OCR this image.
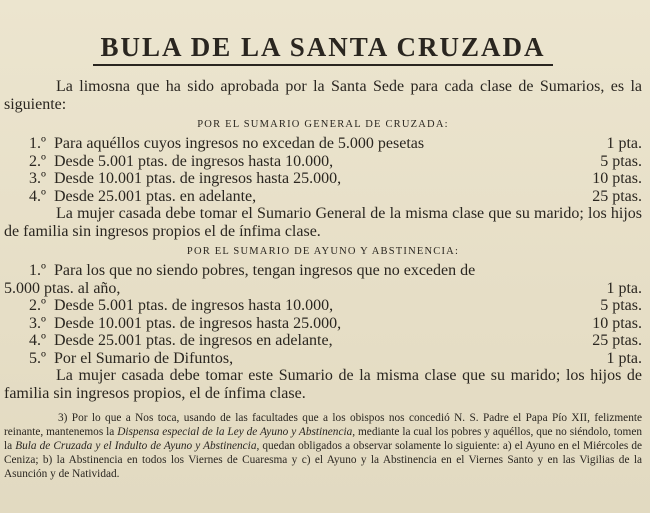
BULA DE LA SANTA CRUZADA

La limosna que ha sido aprobada por la Santa Sede para cada clase de Sumarios, es la siguiente:

POR EL SUMARIO GENERAL DE CRUZADA:
1.º Para aquéllos cuyos ingresos no excedan de 5.000 pesetas	1 pta.
2.º Desde 5.001 ptas. de ingresos hasta 10.000,	5 ptas.
3.º Desde 10.001 ptas. de ingresos hasta 25.000,	10 ptas.
4.º Desde 25.001 ptas. en adelante,	25 ptas.

La mujer casada debe tomar el Sumario General de la misma clase que su marido; los hijos de familia sin ingresos propios el de ínfima clase.

POR EL SUMARIO DE AYUNO Y ABSTINENCIA:
1.º Para los que no siendo pobres, tengan ingresos que no exceden de
5.000 ptas. al año,	1 pta.
2.º Desde 5.001 ptas. de ingresos hasta 10.000,	5 ptas.
3.º Desde 10.001 ptas. de ingresos hasta 25.000,	10 ptas.
4.º Desde 25.001 ptas. de ingresos en adelante,	25 ptas.
5.º Por el Sumario de Difuntos,	1 pta.

La mujer casada debe tomar este Sumario de la misma clase que su marido; los hijos de familia sin ingresos propios, el de ínfima clase.

3) Por lo que a Nos toca, usando de las facultades que a los obispos nos concedió N. S. Padre el Papa Pío XII, felizmente reinante, mantenemos la Dispensa especial de la Ley de Ayuno y Abstinencia, mediante la cual los pobres y aquéllos, que no siéndolo, tomen la Bula de Cruzada y el Indulto de Ayuno y Abstinencia, quedan obligados a observar solamente lo siguiente: a) el Ayuno en el Miércoles de Ceniza; b) la Abstinencia en todos los Viernes de Cuaresma y c) el Ayuno y la Abstinencia en el Viernes Santo y en las Vigilias de la Asunción y de Natividad.
